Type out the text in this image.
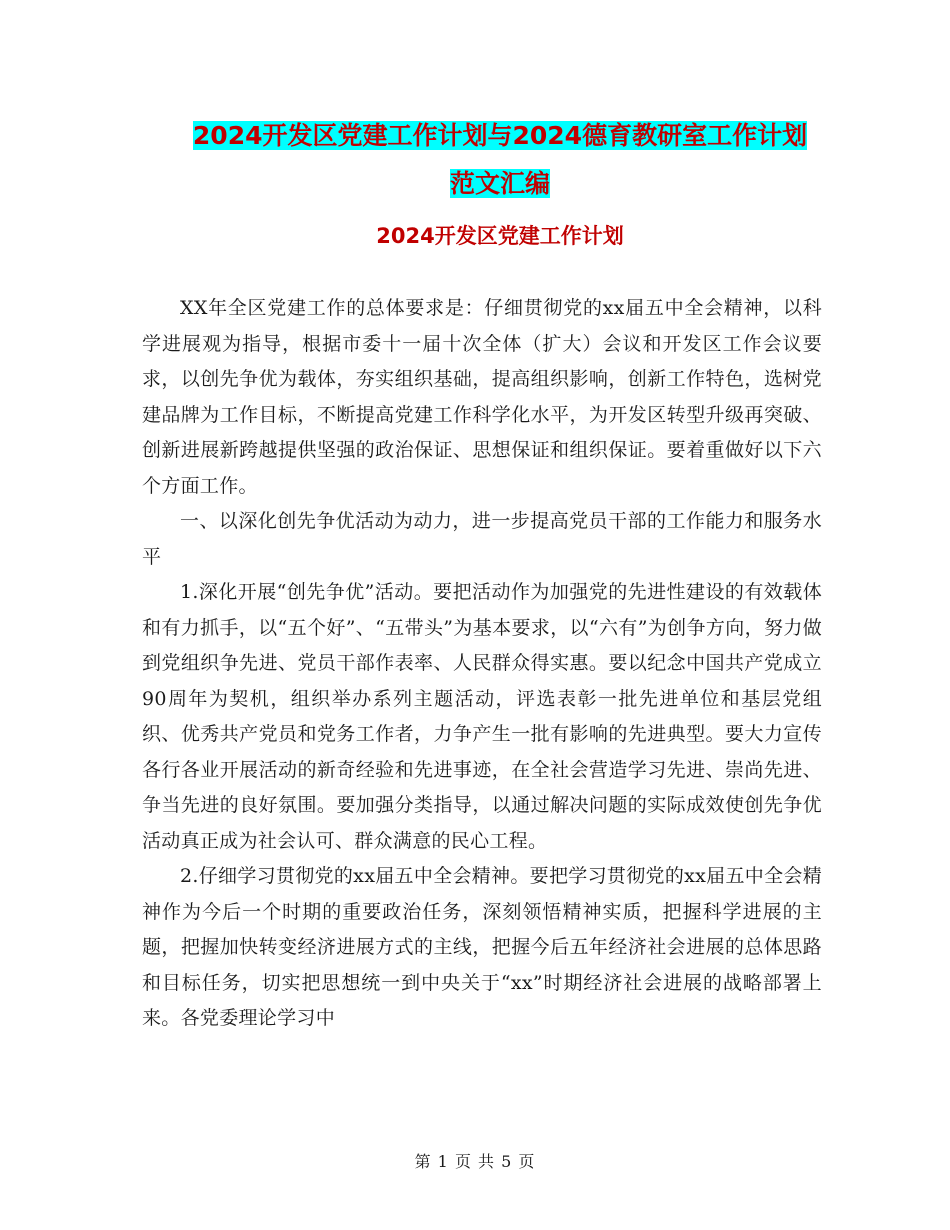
2024开发区党建工作计划与2024德育教研室工作计划
范文汇编
2024开发区党建工作计划

XX年全区党建工作的总体要求是：仔细贯彻党的xx届五中全会精神，以科学进展观为指导，根据市委十一届十次全体（扩大）会议和开发区工作会议要求，以创先争优为载体，夯实组织基础，提高组织影响，创新工作特色，选树党建品牌为工作目标，不断提高党建工作科学化水平，为开发区转型升级再突破、创新进展新跨越提供坚强的政治保证、思想保证和组织保证。要着重做好以下六个方面工作。

一、以深化创先争优活动为动力，进一步提高党员干部的工作能力和服务水平

1.深化开展“创先争优”活动。要把活动作为加强党的先进性建设的有效载体和有力抓手，以“五个好”、“五带头”为基本要求，以“六有”为创争方向，努力做到党组织争先进、党员干部作表率、人民群众得实惠。要以纪念中国共产党成立90周年为契机，组织举办系列主题活动，评选表彰一批先进单位和基层党组织、优秀共产党员和党务工作者，力争产生一批有影响的先进典型。要大力宣传各行各业开展活动的新奇经验和先进事迹，在全社会营造学习先进、崇尚先进、争当先进的良好氛围。要加强分类指导，以通过解决问题的实际成效使创先争优活动真正成为社会认可、群众满意的民心工程。

2.仔细学习贯彻党的xx届五中全会精神。要把学习贯彻党的xx届五中全会精神作为今后一个时期的重要政治任务，深刻领悟精神实质，把握科学进展的主题，把握加快转变经济进展方式的主线，把握今后五年经济社会进展的总体思路和目标任务，切实把思想统一到中央关于“xx”时期经济社会进展的战略部署上来。各党委理论学习中

第 1 页 共 5 页
